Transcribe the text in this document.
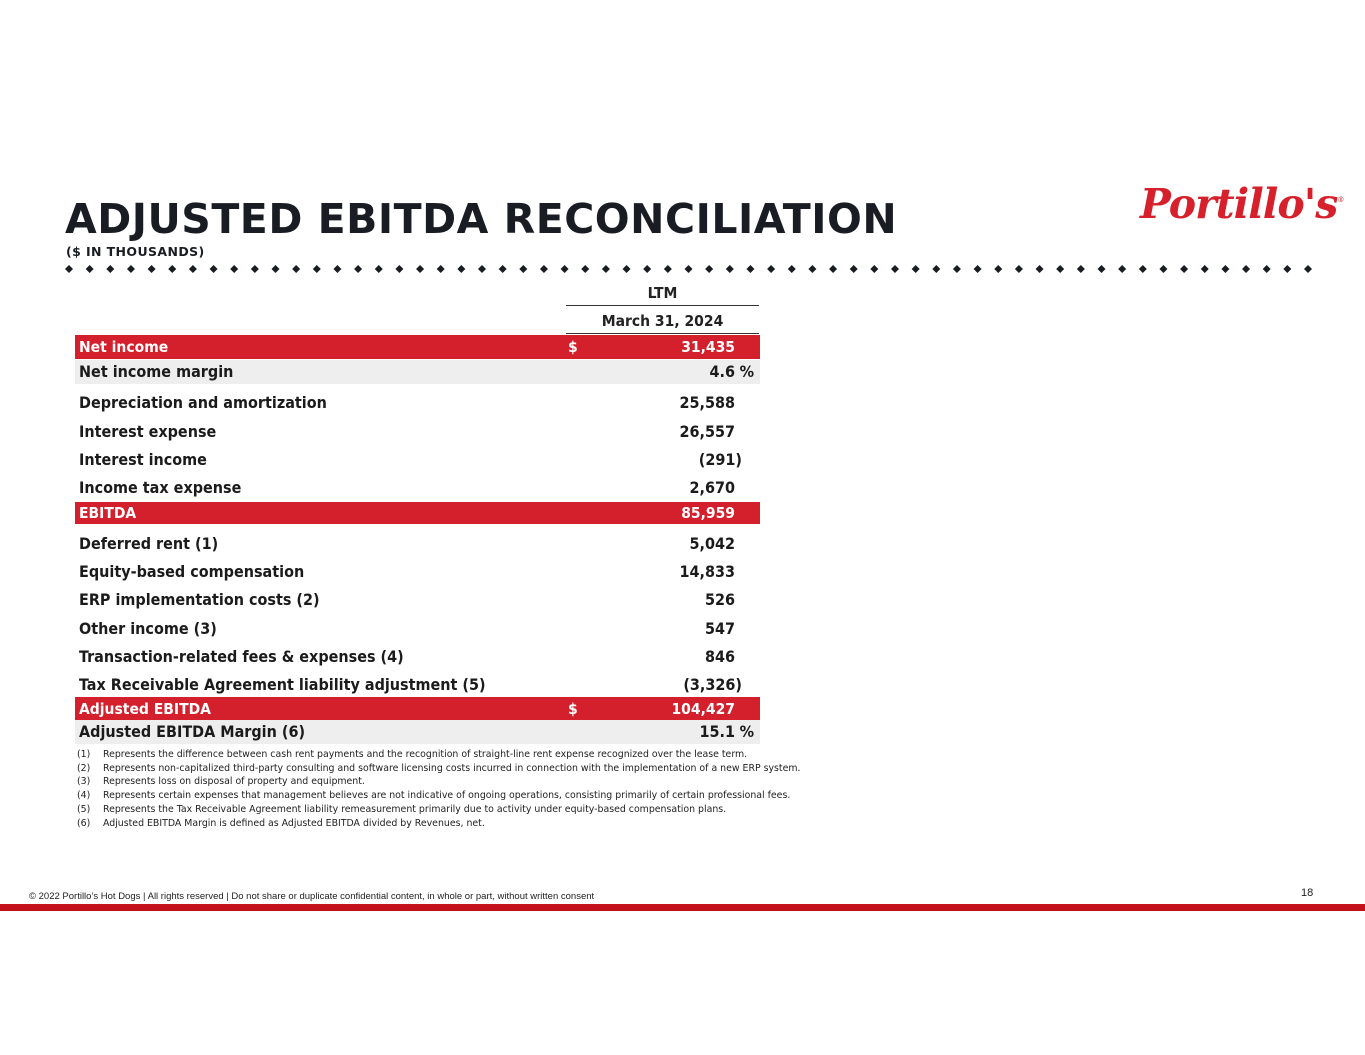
ADJUSTED EBITDA RECONCILIATION
($ IN THOUSANDS)
Portillo's®
LTM
March 31, 2024
Net income	$	31,435
Net income margin	4.6 %
Depreciation and amortization	25,588
Interest expense	26,557
Interest income	(291)
Income tax expense	2,670
EBITDA	85,959
Deferred rent (1)	5,042
Equity-based compensation	14,833
ERP implementation costs (2)	526
Other income (3)	547
Transaction-related fees & expenses (4)	846
Tax Receivable Agreement liability adjustment (5)	(3,326)
Adjusted EBITDA	$	104,427
Adjusted EBITDA Margin (6)	15.1 %
(1) Represents the difference between cash rent payments and the recognition of straight-line rent expense recognized over the lease term.
(2) Represents non-capitalized third-party consulting and software licensing costs incurred in connection with the implementation of a new ERP system.
(3) Represents loss on disposal of property and equipment.
(4) Represents certain expenses that management believes are not indicative of ongoing operations, consisting primarily of certain professional fees.
(5) Represents the Tax Receivable Agreement liability remeasurement primarily due to activity under equity-based compensation plans.
(6) Adjusted EBITDA Margin is defined as Adjusted EBITDA divided by Revenues, net.
© 2022 Portillo’s Hot Dogs | All rights reserved | Do not share or duplicate confidential content, in whole or part, without written consent	18
